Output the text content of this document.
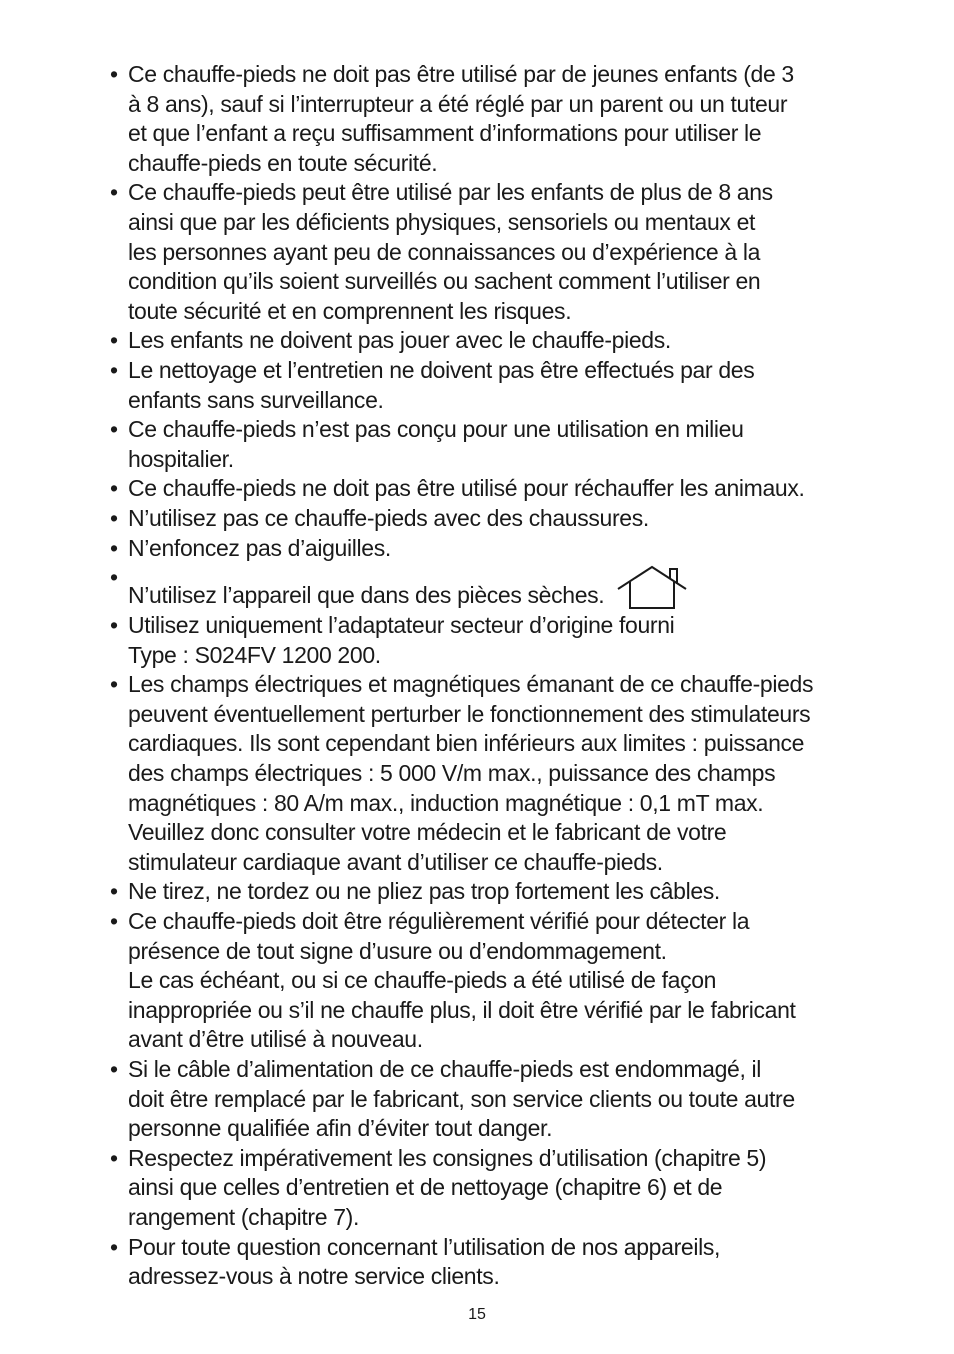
• Ce chauffe-pieds ne doit pas être utilisé par de jeunes enfants (de 3
à 8 ans), sauf si l’interrupteur a été réglé par un parent ou un tuteur
et que l’enfant a reçu suffisamment d’informations pour utiliser le
chauffe-pieds en toute sécurité.
• Ce chauffe-pieds peut être utilisé par les enfants de plus de 8 ans
ainsi que par les déficients physiques, sensoriels ou mentaux et
les personnes ayant peu de connaissances ou d’expérience à la
condition qu’ils soient surveillés ou sachent comment l’utiliser en
toute sécurité et en comprennent les risques.
• Les enfants ne doivent pas jouer avec le chauffe-pieds.
• Le nettoyage et l’entretien ne doivent pas être effectués par des
enfants sans surveillance.
• Ce chauffe-pieds n’est pas conçu pour une utilisation en milieu
hospitalier.
• Ce chauffe-pieds ne doit pas être utilisé pour réchauffer les animaux.
• N’utilisez pas ce chauffe-pieds avec des chaussures.
• N’enfoncez pas d’aiguilles.
•
N’utilisez l’appareil que dans des pièces sèches.
• Utilisez uniquement l’adaptateur secteur d’origine fourni
Type : S024FV 1200 200.
• Les champs électriques et magnétiques émanant de ce chauffe-pieds
peuvent éventuellement perturber le fonctionnement des stimulateurs
cardiaques. Ils sont cependant bien inférieurs aux limites : puissance
des champs électriques : 5 000 V/m max., puissance des champs
magnétiques : 80 A/m max., induction magnétique : 0,1 mT max.
Veuillez donc consulter votre médecin et le fabricant de votre
stimulateur cardiaque avant d’utiliser ce chauffe-pieds.
• Ne tirez, ne tordez ou ne pliez pas trop fortement les câbles.
• Ce chauffe-pieds doit être régulièrement vérifié pour détecter la
présence de tout signe d’usure ou d’endommagement.
Le cas échéant, ou si ce chauffe-pieds a été utilisé de façon
inappropriée ou s’il ne chauffe plus, il doit être vérifié par le fabricant
avant d’être utilisé à nouveau.
• Si le câble d’alimentation de ce chauffe-pieds est endommagé, il
doit être remplacé par le fabricant, son service clients ou toute autre
personne qualifiée afin d’éviter tout danger.
• Respectez impérativement les consignes d’utilisation (chapitre 5)
ainsi que celles d’entretien et de nettoyage (chapitre 6) et de
rangement (chapitre 7).
• Pour toute question concernant l’utilisation de nos appareils,
adressez-vous à notre service clients.
15
